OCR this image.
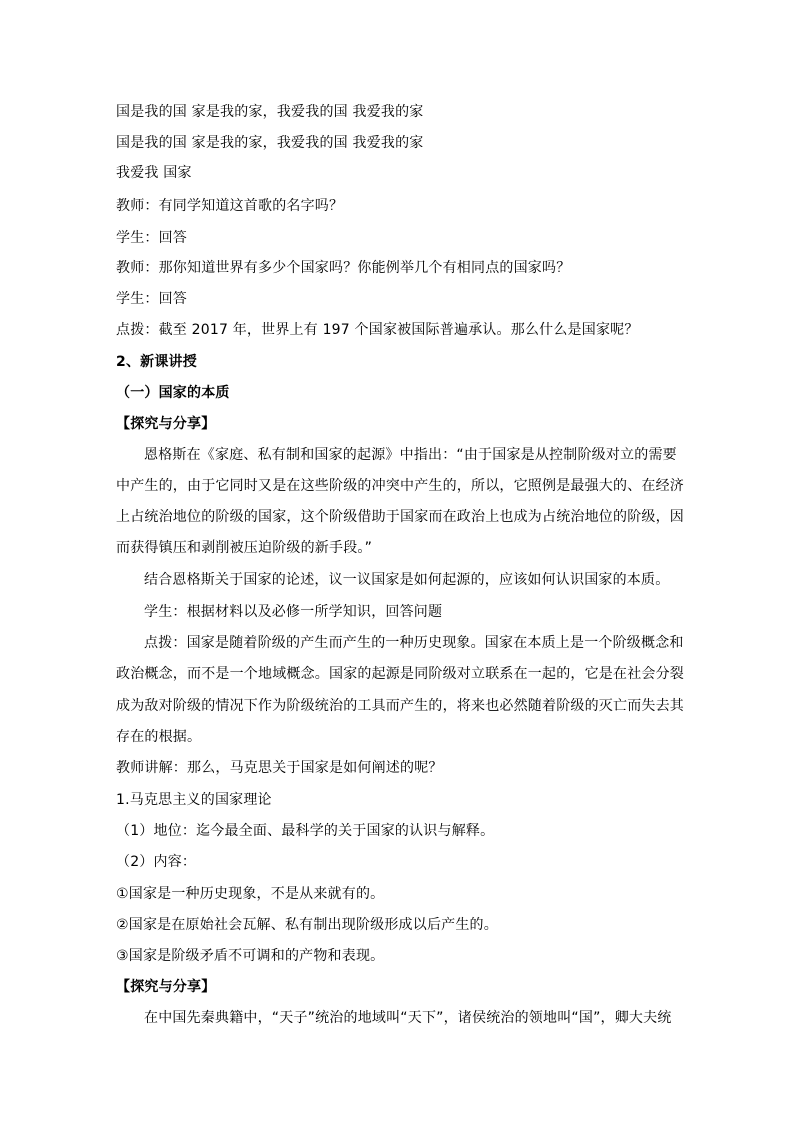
国是我的国 家是我的家，我爱我的国 我爱我的家
国是我的国 家是我的家，我爱我的国 我爱我的家
我爱我 国家
教师：有同学知道这首歌的名字吗？
学生：回答
教师：那你知道世界有多少个国家吗？你能例举几个有相同点的国家吗？
学生：回答
点拨：截至 2017 年，世界上有 197 个国家被国际普遍承认。那么什么是国家呢？
2、新课讲授
（一）国家的本质
【探究与分享】
恩格斯在《家庭、私有制和国家的起源》中指出：“由于国家是从控制阶级对立的需要
中产生的，由于它同时又是在这些阶级的冲突中产生的，所以，它照例是最强大的、在经济
上占统治地位的阶级的国家，这个阶级借助于国家而在政治上也成为占统治地位的阶级，因
而获得镇压和剥削被压迫阶级的新手段。”
结合恩格斯关于国家的论述，议一议国家是如何起源的，应该如何认识国家的本质。
学生：根据材料以及必修一所学知识，回答问题
点拨：国家是随着阶级的产生而产生的一种历史现象。国家在本质上是一个阶级概念和
政治概念，而不是一个地域概念。国家的起源是同阶级对立联系在一起的，它是在社会分裂
成为敌对阶级的情况下作为阶级统治的工具而产生的，将来也必然随着阶级的灭亡而失去其
存在的根据。
教师讲解：那么，马克思关于国家是如何阐述的呢？
1.马克思主义的国家理论
（1）地位：迄今最全面、最科学的关于国家的认识与解释。
（2）内容：
①国家是一种历史现象，不是从来就有的。
②国家是在原始社会瓦解、私有制出现阶级形成以后产生的。
③国家是阶级矛盾不可调和的产物和表现。
【探究与分享】
在中国先秦典籍中，“天子”统治的地域叫“天下”，诸侯统治的领地叫“国”，卿大夫统
